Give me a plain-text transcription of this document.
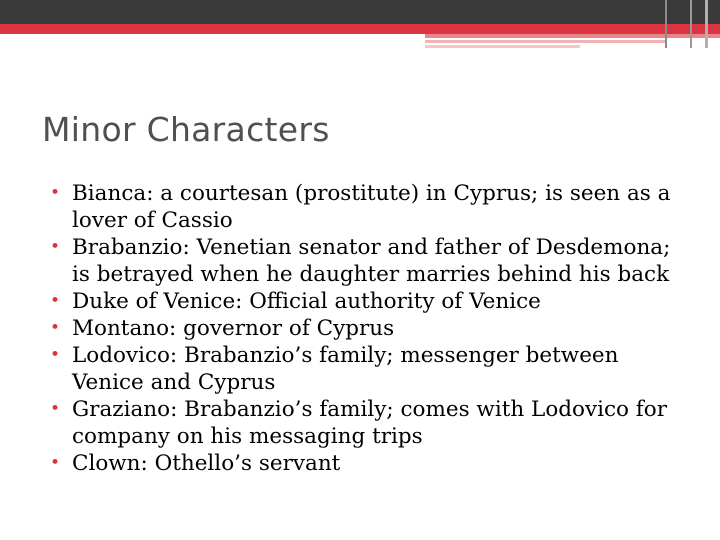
Minor Characters
• Bianca: a courtesan (prostitute) in Cyprus; is seen as a lover of Cassio
• Brabanzio: Venetian senator and father of Desdemona; is betrayed when he daughter marries behind his back
• Duke of Venice: Official authority of Venice
• Montano: governor of Cyprus
• Lodovico: Brabanzio’s family; messenger between Venice and Cyprus
• Graziano: Brabanzio’s family; comes with Lodovico for company on his messaging trips
• Clown: Othello’s servant
